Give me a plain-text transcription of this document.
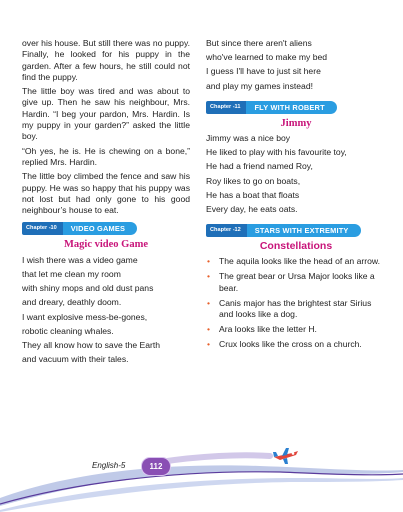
over his house. But still there was no puppy. Finally, he looked for his puppy in the garden. After a few hours, he still could not find the puppy.

The little boy was tired and was about to give up. Then he saw his neighbour, Mrs. Hardin. “I beg your pardon, Mrs. Hardin. Is my puppy in your garden?” asked the little boy.

“Oh yes, he is. He is chewing on a bone,” replied Mrs. Hardin.

The little boy climbed the fence and saw his puppy. He was so happy that his puppy was not lost but had only gone to his good neighbour’s house to eat.

Chapter -10	VIDEO GAMES
Magic video Game

I wish there was a video game

that let me clean my room

with shiny mops and old dust pans

and dreary, deathly doom.

I want explosive mess-be-gones,

robotic cleaning whales.

They all know how to save the Earth

and vacuum with their tales.

But since there aren't aliens

who've learned to make my bed

I guess I'll have to just sit here

and play my games instead!

Chapter -11	FLY WITH ROBERT
Jimmy

Jimmy was a nice boy

He liked to play with his favourite toy,

He had a friend named Roy,

Roy likes to go on boats,

He has a boat that floats

Every day, he eats oats.

Chapter -12	STARS WITH EXTREMITY
Constellations
• The aquila looks like the head of an arrow.
• The great bear or Ursa Major looks like a bear.
• Canis major has the brightest star Sirius and looks like a dog.
• Ara looks like the letter H.
• Crux looks like the cross on a church.
English-5	112
